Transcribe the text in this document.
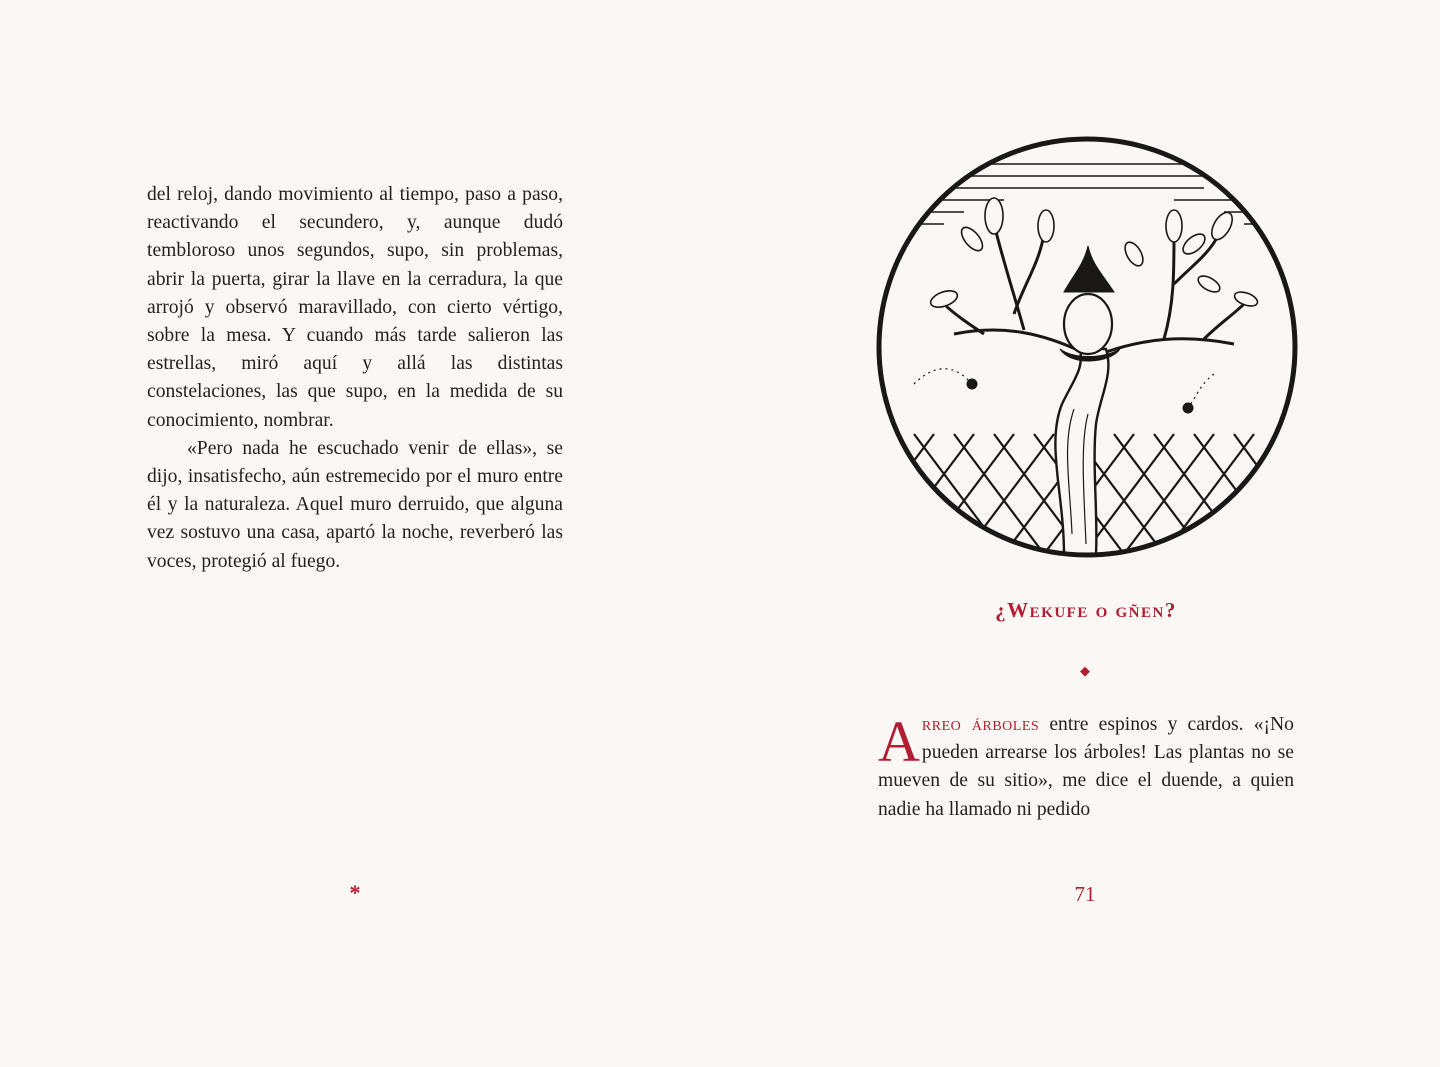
del reloj, dando movimiento al tiempo, paso a paso, reactivando el secundero, y, aunque dudó tembloroso unos segundos, supo, sin problemas, abrir la puerta, girar la llave en la cerradura, la que arrojó y observó maravillado, con cierto vértigo, sobre la mesa. Y cuando más tarde salieron las estrellas, miró aquí y allá las distintas constelaciones, las que supo, en la medida de su conocimiento, nombrar.

«Pero nada he escuchado venir de ellas», se dijo, insatisfecho, aún estremecido por el muro entre él y la naturaleza. Aquel muro derruido, que alguna vez sostuvo una casa, apartó la noche, reverberó las voces, protegió al fuego.

*
¿Wekufe o gñen?
◆

Arreo árboles entre espinos y cardos. «¡No pueden arrearse los árboles! Las plantas no se mueven de su sitio», me dice el duende, a quien nadie ha llamado ni pedido

71
